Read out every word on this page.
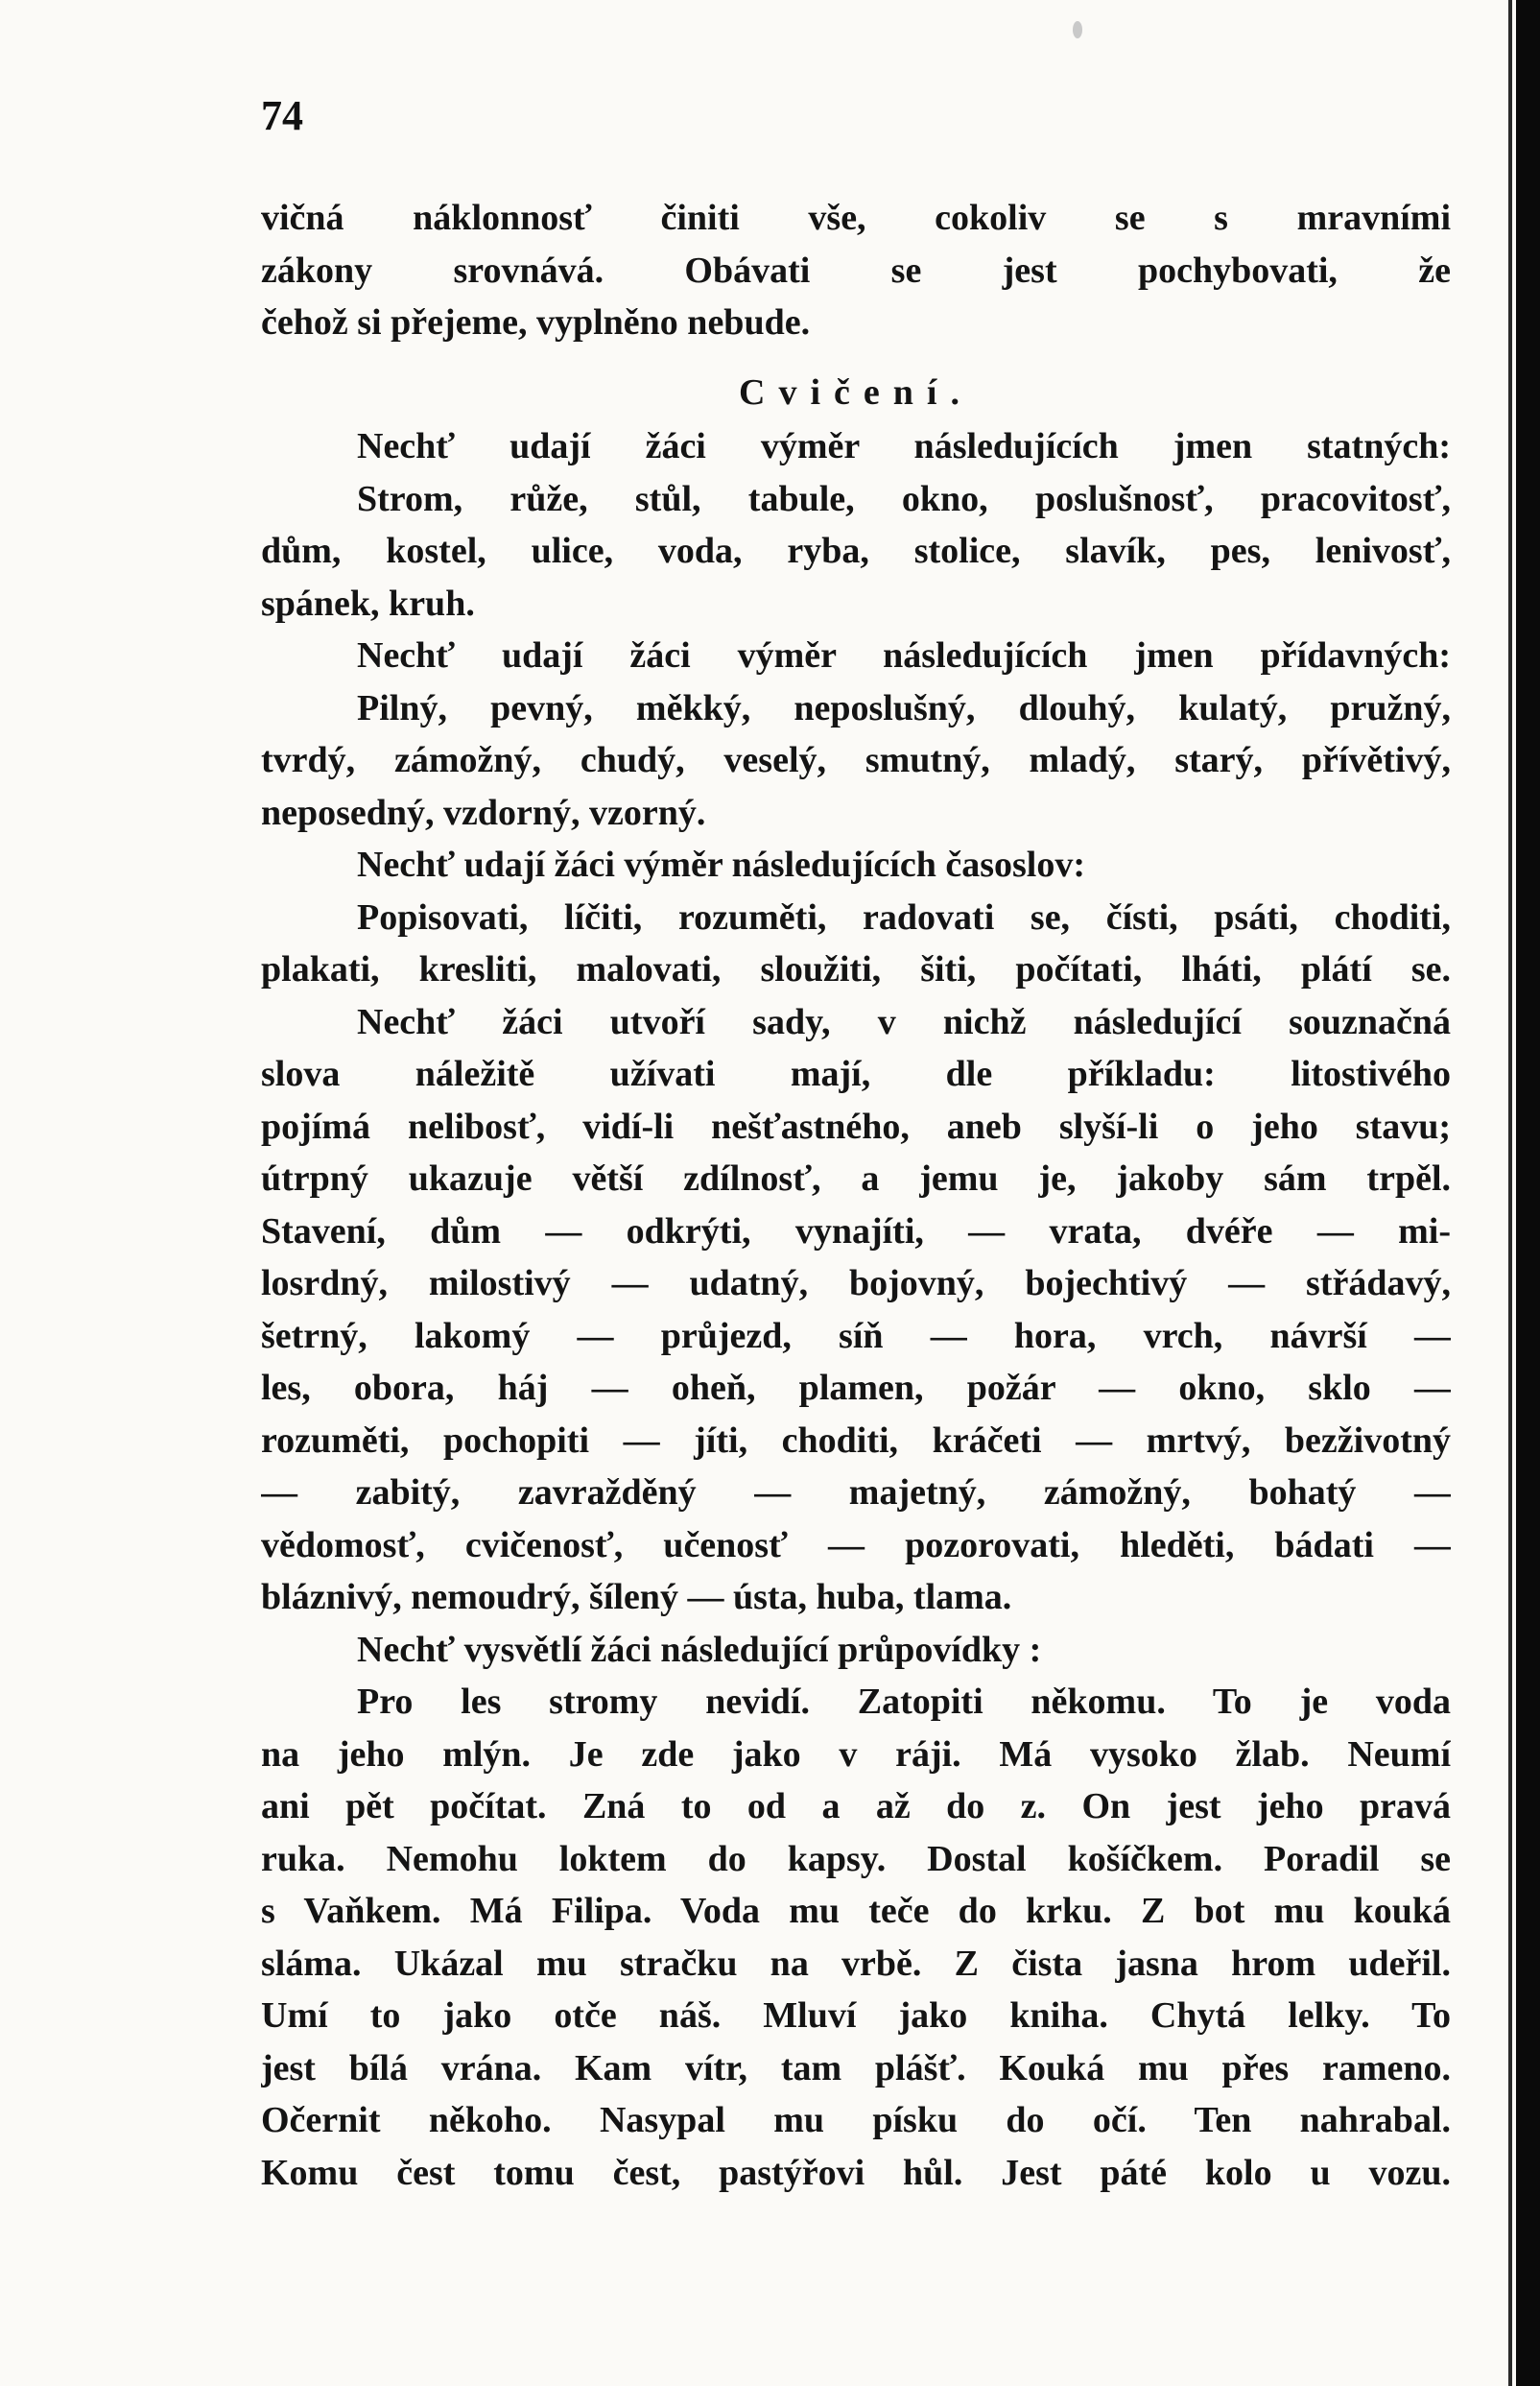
74
vičná náklonnosť činiti vše, cokoliv se s mravními
zákony srovnává. Obávati se jest pochybovati, že
čehož si přejeme, vyplněno nebude.
Cvičení.
Nechť udají žáci výměr následujících jmen statných:
Strom, růže, stůl, tabule, okno, poslušnosť, pracovitosť,
dům, kostel, ulice, voda, ryba, stolice, slavík, pes, lenivosť,
spánek, kruh.
Nechť udají žáci výměr následujících jmen přídavných:
Pilný, pevný, měkký, neposlušný, dlouhý, kulatý, pružný,
tvrdý, zámožný, chudý, veselý, smutný, mladý, starý, přívětivý,
neposedný, vzdorný, vzorný.
Nechť udají žáci výměr následujících časoslov:
Popisovati, líčiti, rozuměti, radovati se, čísti, psáti, choditi,
plakati, kresliti, malovati, sloužiti, šiti, počítati, lháti, plátí se.
Nechť žáci utvoří sady, v nichž následující souznačná
slova náležitě užívati mají, dle příkladu: litostivého
pojímá nelibosť, vidí-li nešťastného, aneb slyší-li o jeho stavu;
útrpný ukazuje větší zdílnosť, a jemu je, jakoby sám trpěl.
Stavení, dům — odkrýti, vynajíti, — vrata, dvéře — mi-
losrdný, milostivý — udatný, bojovný, bojechtivý — střádavý,
šetrný, lakomý — průjezd, síň — hora, vrch, návrší —
les, obora, háj — oheň, plamen, požár — okno, sklo —
rozuměti, pochopiti — jíti, choditi, kráčeti — mrtvý, bezživotný
— zabitý, zavražděný — majetný, zámožný, bohatý —
vědomosť, cvičenosť, učenosť — pozorovati, hleděti, bádati —
bláznivý, nemoudrý, šílený — ústa, huba, tlama.
Nechť vysvětlí žáci následující průpovídky :
Pro les stromy nevidí. Zatopiti někomu. To je voda
na jeho mlýn. Je zde jako v ráji. Má vysoko žlab. Neumí
ani pět počítat. Zná to od a až do z. On jest jeho pravá
ruka. Nemohu loktem do kapsy. Dostal košíčkem. Poradil se
s Vaňkem. Má Filipa. Voda mu teče do krku. Z bot mu kouká
sláma. Ukázal mu stračku na vrbě. Z čista jasna hrom udeřil.
Umí to jako otče náš. Mluví jako kniha. Chytá lelky. To
jest bílá vrána. Kam vítr, tam plášť. Kouká mu přes rameno.
Očernit někoho. Nasypal mu písku do očí. Ten nahrabal.
Komu čest tomu čest, pastýřovi hůl. Jest páté kolo u vozu.
